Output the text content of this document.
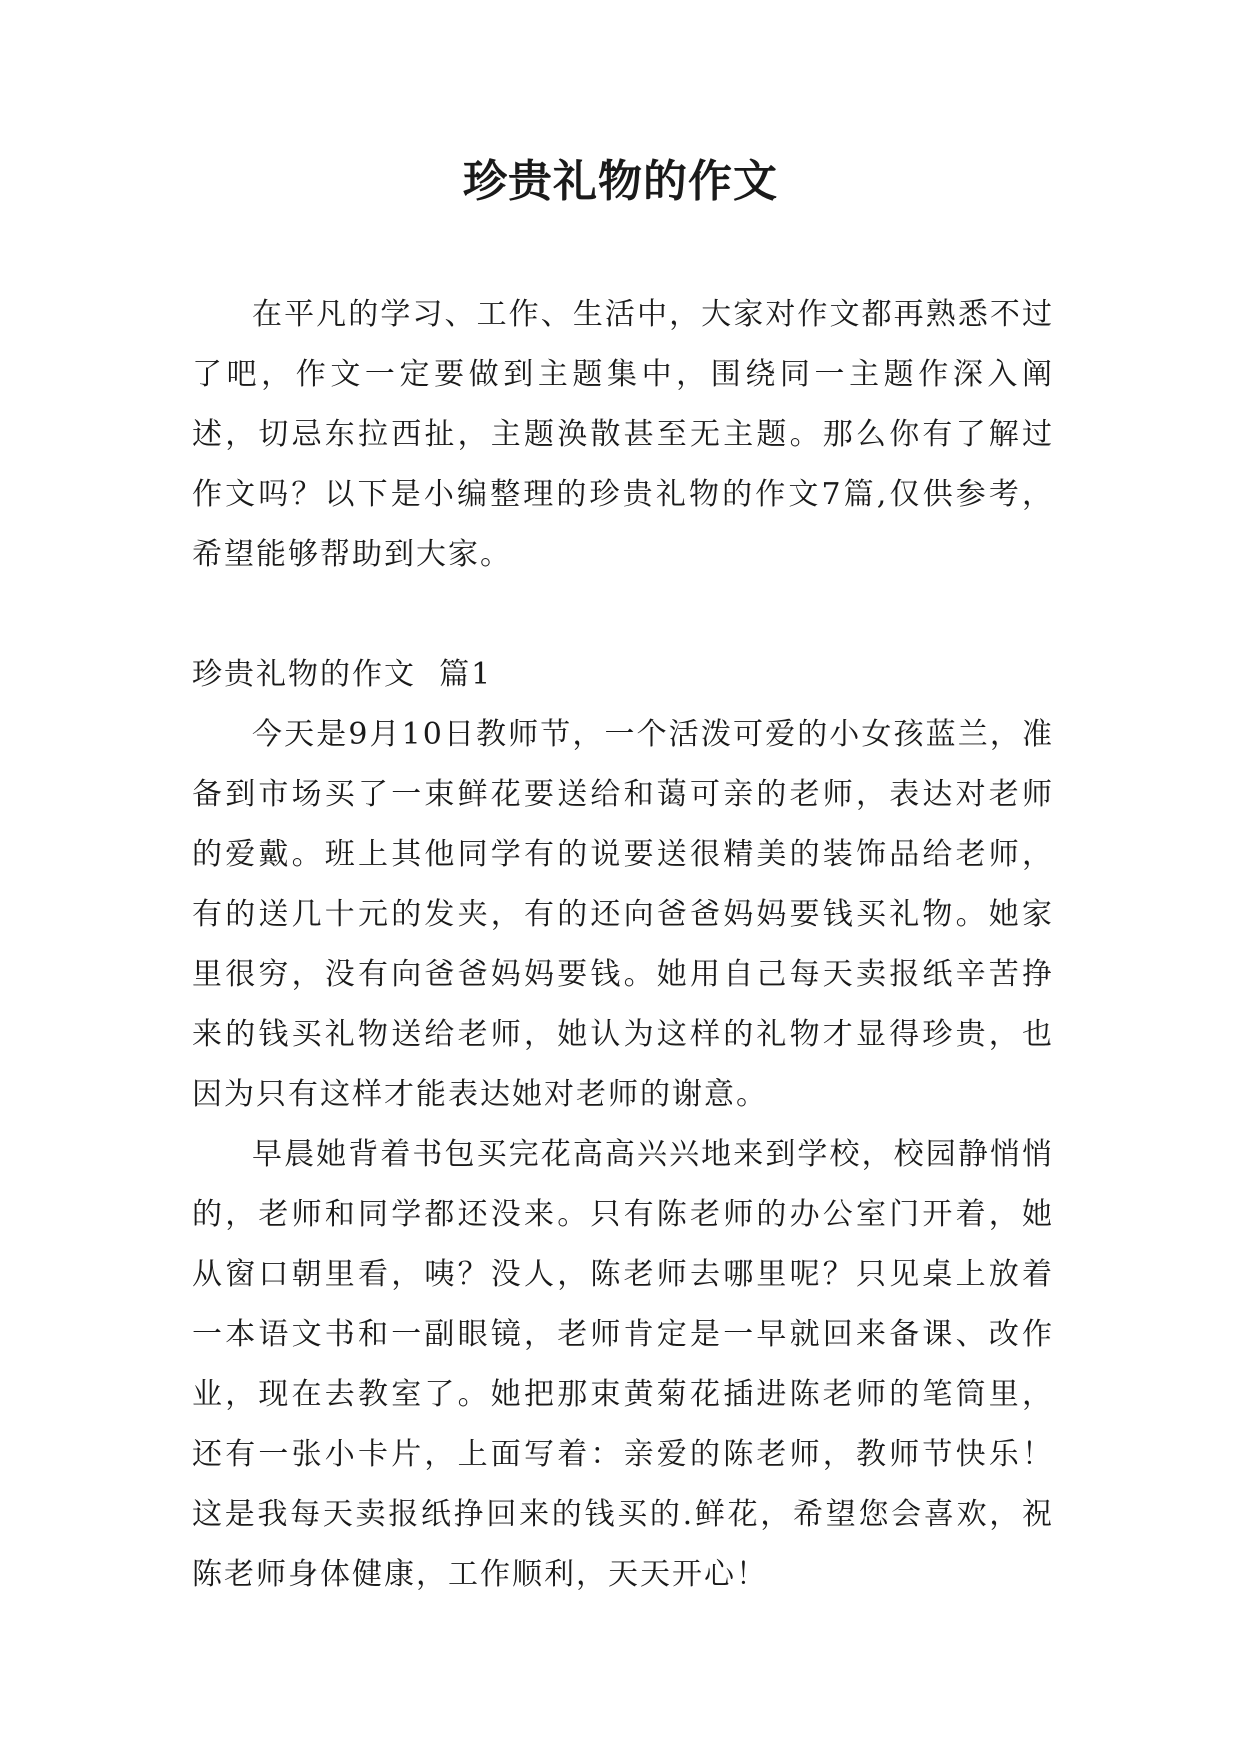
珍贵礼物的作文

在平凡的学习、工作、生活中，大家对作文都再熟悉不过了吧，作文一定要做到主题集中，围绕同一主题作深入阐述，切忌东拉西扯，主题涣散甚至无主题。那么你有了解过作文吗？以下是小编整理的珍贵礼物的作文7篇,仅供参考，希望能够帮助到大家。

珍贵礼物的作文  篇1

今天是9月10日教师节，一个活泼可爱的小女孩蓝兰，准备到市场买了一束鲜花要送给和蔼可亲的老师，表达对老师的爱戴。班上其他同学有的说要送很精美的装饰品给老师，有的送几十元的发夹，有的还向爸爸妈妈要钱买礼物。她家里很穷，没有向爸爸妈妈要钱。她用自己每天卖报纸辛苦挣来的钱买礼物送给老师，她认为这样的礼物才显得珍贵，也因为只有这样才能表达她对老师的谢意。

早晨她背着书包买完花高高兴兴地来到学校，校园静悄悄的，老师和同学都还没来。只有陈老师的办公室门开着，她从窗口朝里看，咦？没人，陈老师去哪里呢？只见桌上放着一本语文书和一副眼镜，老师肯定是一早就回来备课、改作业，现在去教室了。她把那束黄菊花插进陈老师的笔筒里，还有一张小卡片，上面写着：亲爱的陈老师，教师节快乐！这是我每天卖报纸挣回来的钱买的.鲜花，希望您会喜欢，祝陈老师身体健康，工作顺利，天天开心！
